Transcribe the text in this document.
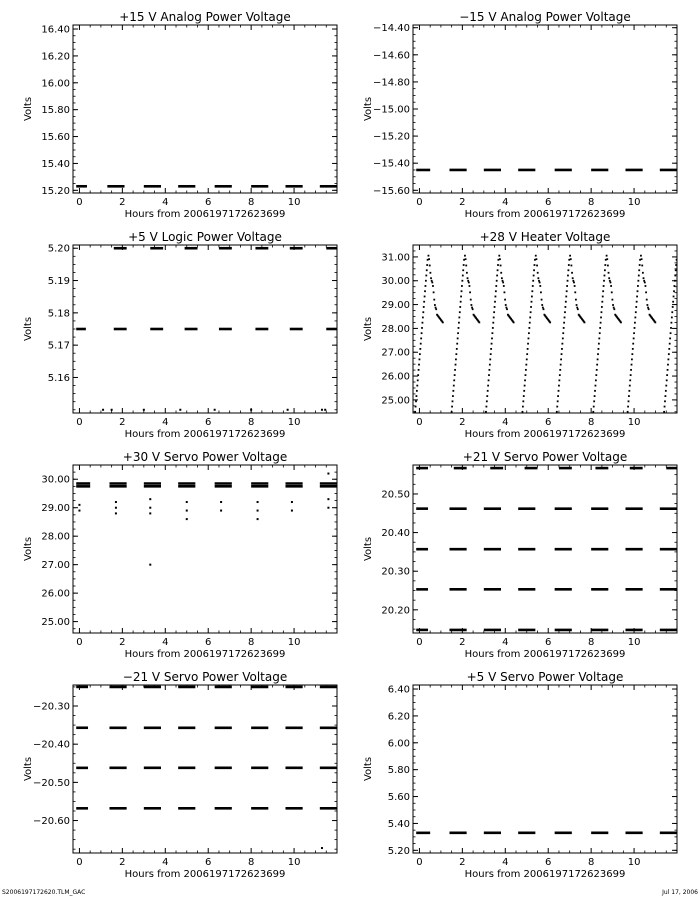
+15 V Analog Power Voltage
Hours from 2006197172623699
Volts
0	2	4	6	8	10
15.20
15.40
15.60
15.80
16.00
16.20
16.40
−15 V Analog Power Voltage
Hours from 2006197172623699
Volts
0	2	4	6	8	10
−15.60
−15.40
−15.20
−15.00
−14.80
−14.60
−14.40
+5 V Logic Power Voltage
Hours from 2006197172623699
Volts
0	2	4	6	8	10
5.16
5.17
5.18
5.19
5.20
+28 V Heater Voltage
Hours from 2006197172623699
Volts
0	2	4	6	8	10
25.00
26.00
27.00
28.00
29.00
30.00
31.00
+30 V Servo Power Voltage
Hours from 2006197172623699
Volts
0	2	4	6	8	10
25.00
26.00
27.00
28.00
29.00
30.00
+21 V Servo Power Voltage
Hours from 2006197172623699
Volts
0	2	4	6	8	10
20.20
20.30
20.40
20.50
−21 V Servo Power Voltage
Hours from 2006197172623699
Volts
0	2	4	6	8	10
−20.60
−20.50
−20.40
−20.30
+5 V Servo Power Voltage
Hours from 2006197172623699
Volts
0	2	4	6	8	10
5.20
5.40
5.60
5.80
6.00
6.20
6.40
S2006197172620.TLM_GAC	Jul 17, 2006
